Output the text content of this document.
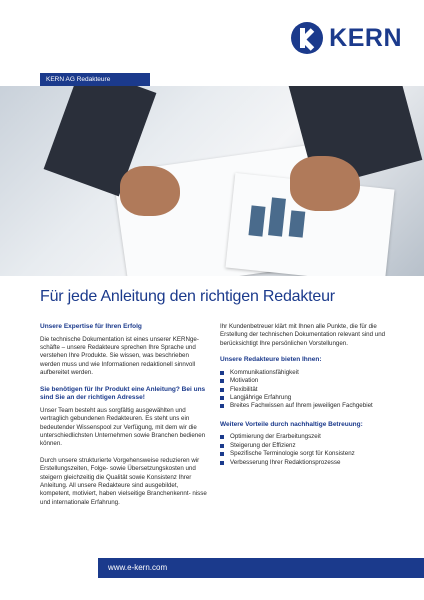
KERN
KERN AG Redakteure
Für jede Anleitung den richtigen Redakteur
Unsere Expertise für Ihren Erfolg

Die technische Dokumentation ist eines unserer KERNge- schäfte – unsere Redakteure sprechen Ihre Sprache und verstehen Ihre Produkte. Sie wissen, was beschrieben werden muss und wie Informationen redaktionell sinnvoll aufbereitet werden.

Sie benötigen für Ihr Produkt eine Anleitung? Bei uns sind Sie an der richtigen Adresse!

Unser Team besteht aus sorgfältig ausgewählten und vertraglich gebundenen Redakteuren. Es steht uns ein bedeutender Wissenspool zur Verfügung, mit dem wir die unterschiedlichsten Unternehmen sowie Branchen bedienen können.

Durch unsere strukturierte Vorgehensweise reduzieren wir Erstellungszeiten, Folge- sowie Übersetzungskosten und steigern gleichzeitig die Qualität sowie Konsistenz Ihrer Anleitung. All unsere Redakteure sind ausgebildet, kompetent, motiviert, haben vielseitige Branchenkennt- nisse und internationale Erfahrung.

Ihr Kundenbetreuer klärt mit Ihnen alle Punkte, die für die Erstellung der technischen Dokumentation relevant sind und berücksichtigt Ihre persönlichen Vorstellungen.

Unsere Redakteure bieten Ihnen:
Kommunikationsfähigkeit
Motivation
Flexibilität
Langjährige Erfahrung
Breites Fachwissen auf Ihrem jeweiligen Fachgebiet
Weitere Vorteile durch nachhaltige Betreuung:
Optimierung der Erarbeitungszeit
Steigerung der Effizienz
Spezifische Terminologie sorgt für Konsistenz
Verbesserung Ihrer Redaktionsprozesse
www.e-kern.com
